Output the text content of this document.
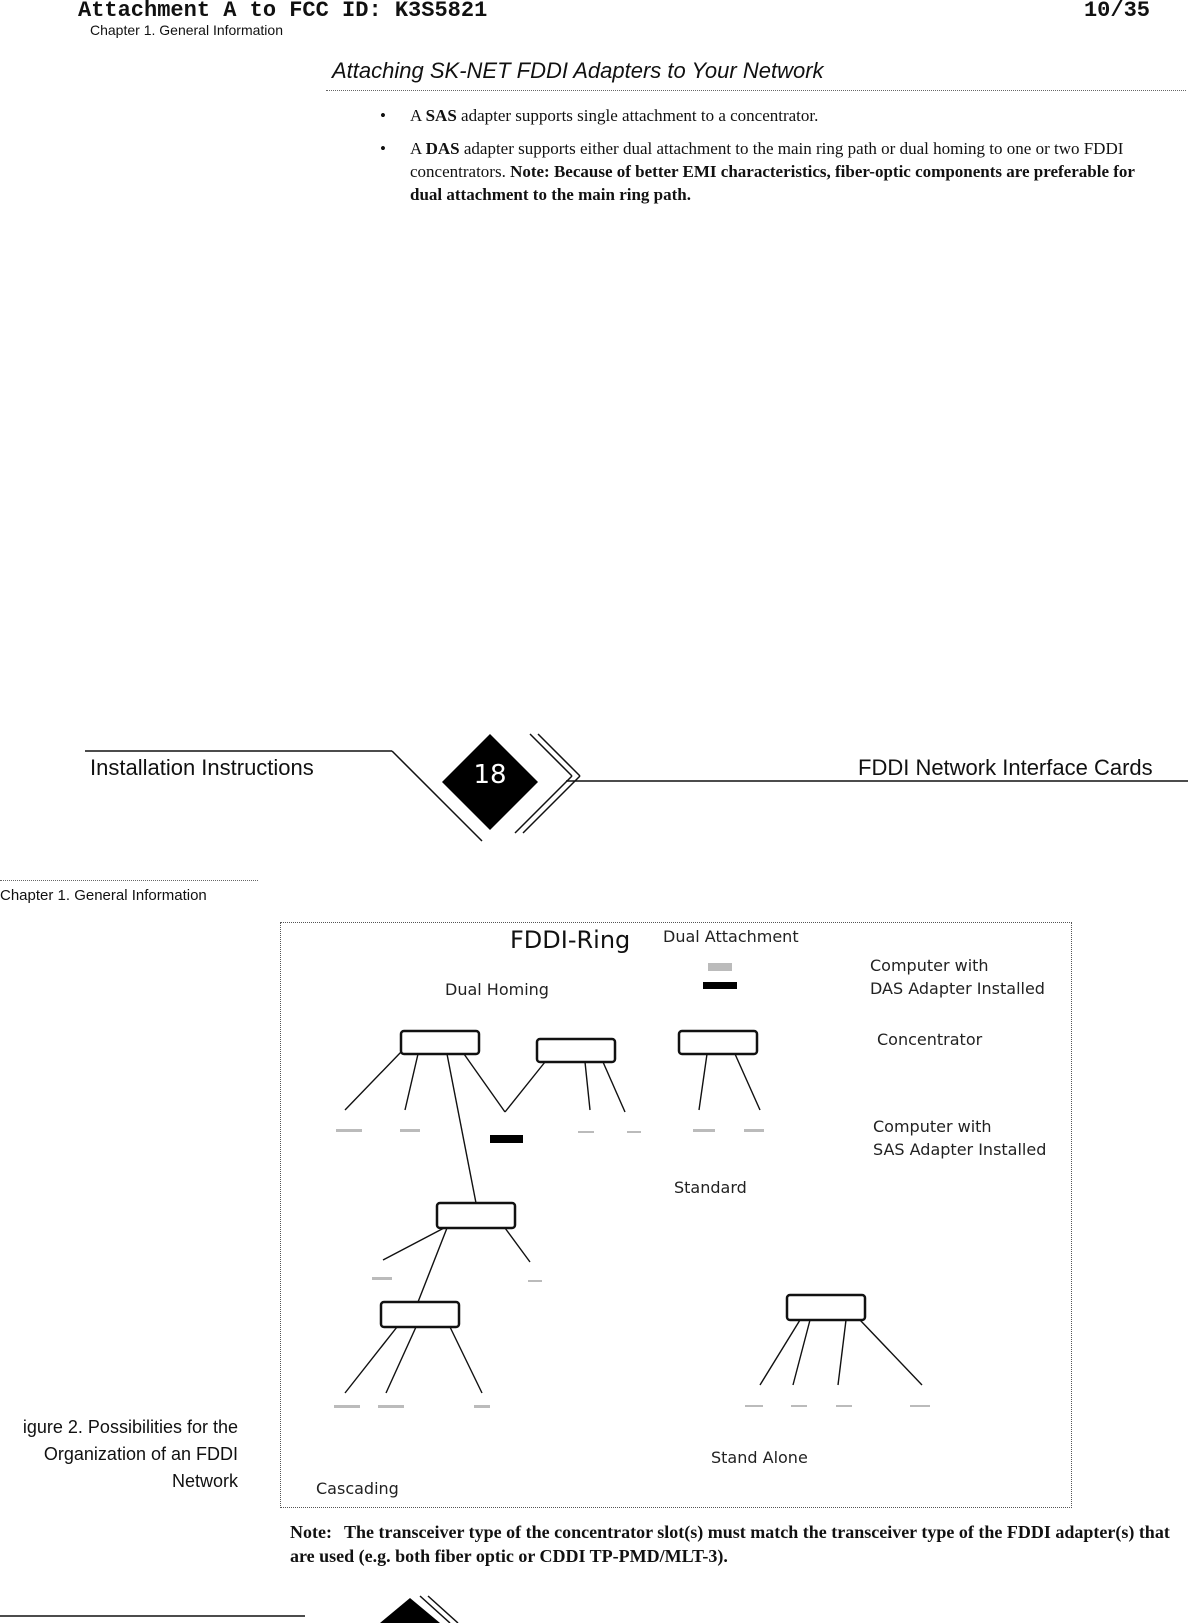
Attachment A to FCC ID: K3S5821	10/35
Chapter 1. General Information
Attaching SK-NET FDDI Adapters to Your Network
• A SAS adapter supports single attachment to a concentrator.
• A DAS adapter supports either dual attachment to the main ring path or dual homing to one or two FDDI concentrators. Note: Because of better EMI characteristics, fiber-optic components are preferable for dual attachment to the main ring path.
Installation Instructions	FDDI Network Interface Cards
Chapter 1. General Information
FDDI-Ring Dual Attachment
Dual Homing
Computer with
DAS Adapter Installed
Concentrator
Computer with
SAS Adapter Installed
Standard
Stand Alone
Cascading
igure 2. Possibilities for the
Organization of an FDDI
Network
Note: The transceiver type of the concentrator slot(s) must match the transceiver type of the FDDI adapter(s) that are used (e.g. both fiber optic or CDDI TP-PMD/MLT-3).
18
